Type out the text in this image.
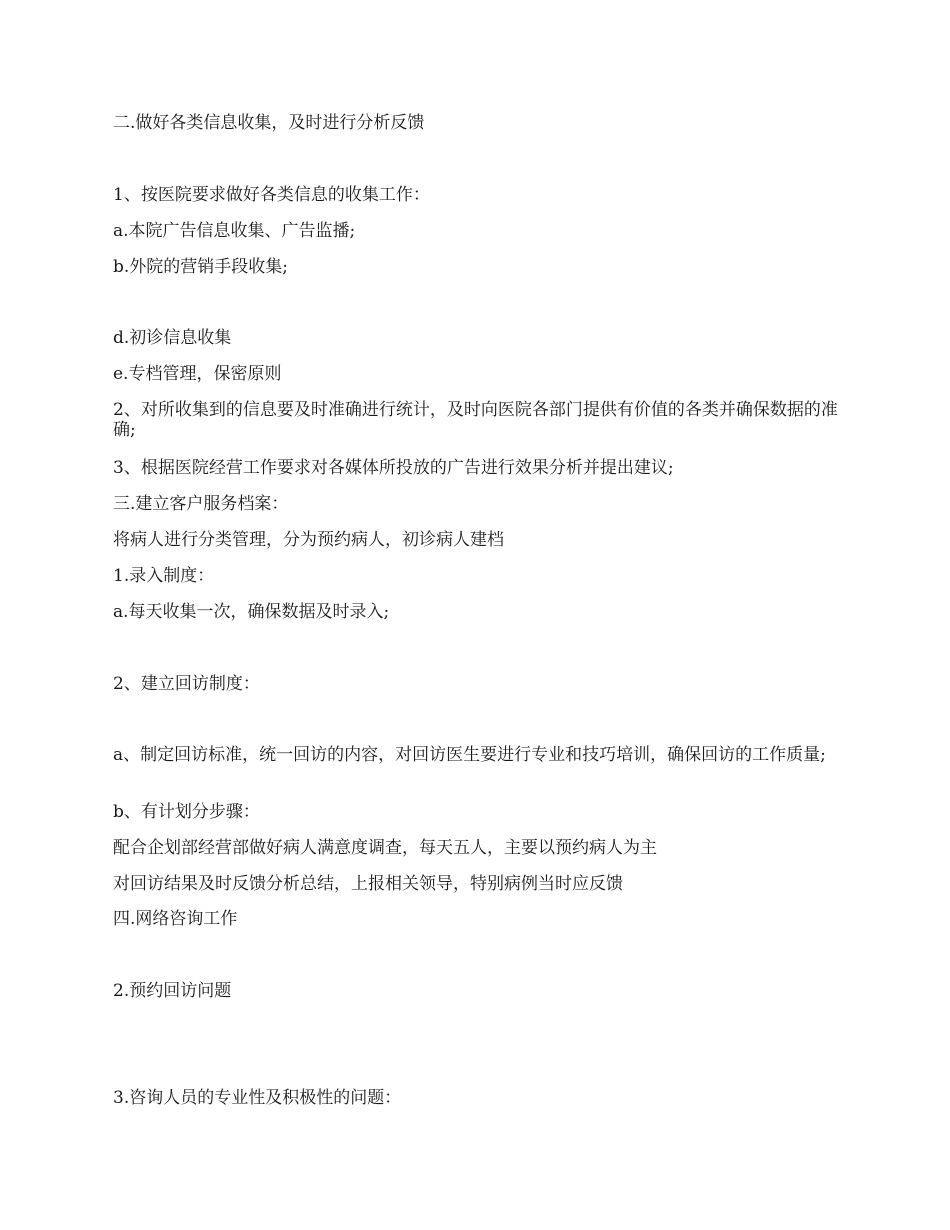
二.做好各类信息收集，及时进行分析反馈
1、按医院要求做好各类信息的收集工作：
a.本院广告信息收集、广告监播;
b.外院的营销手段收集;
d.初诊信息收集
e.专档管理，保密原则
2、对所收集到的信息要及时准确进行统计，及时向医院各部门提供有价值的各类并确保数据的准确;
3、根据医院经营工作要求对各媒体所投放的广告进行效果分析并提出建议;
三.建立客户服务档案：
将病人进行分类管理，分为预约病人，初诊病人建档
1.录入制度：
a.每天收集一次，确保数据及时录入;
2、建立回访制度：
a、制定回访标准，统一回访的内容，对回访医生要进行专业和技巧培训，确保回访的工作质量;
b、有计划分步骤：
配合企划部经营部做好病人满意度调查，每天五人，主要以预约病人为主
对回访结果及时反馈分析总结，上报相关领导，特别病例当时应反馈
四.网络咨询工作
2.预约回访问题
3.咨询人员的专业性及积极性的问题：
